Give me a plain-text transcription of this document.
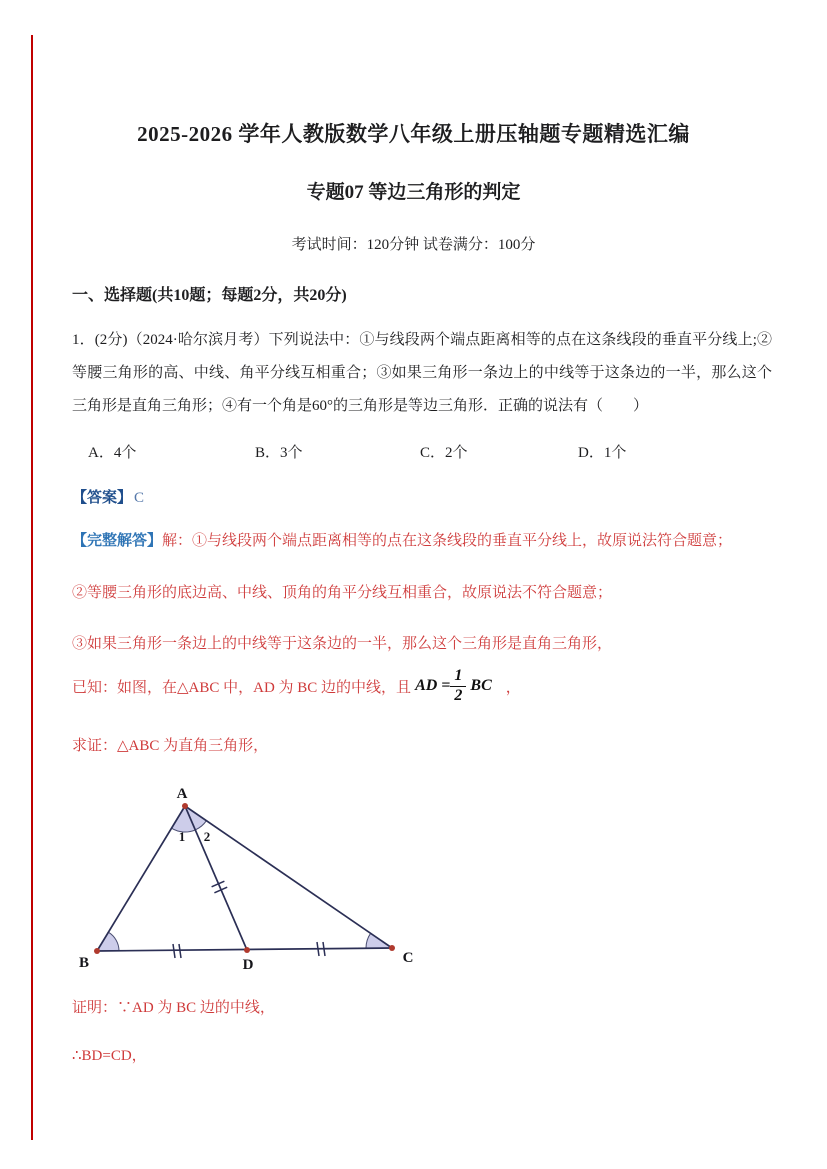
2025-2026 学年人教版数学八年级上册压轴题专题精选汇编
专题07 等边三角形的判定
考试时间：120分钟 试卷满分：100分
一、选择题(共10题；每题2分，共20分)
1．(2分)（2024·哈尔滨月考）下列说法中：①与线段两个端点距离相等的点在这条线段的垂直平分线上;②等腰三角形的高、中线、角平分线互相重合；③如果三角形一条边上的中线等于这条边的一半，那么这个三角形是直角三角形；④有一个角是60°的三角形是等边三角形．正确的说法有（　　）
A．4个	B．3个	C．2个	D．1个
【答案】 C
【完整解答】解：①与线段两个端点距离相等的点在这条线段的垂直平分线上，故原说法符合题意；
②等腰三角形的底边高、中线、顶角的角平分线互相重合，故原说法不符合题意；
③如果三角形一条边上的中线等于这条边的一半，那么这个三角形是直角三角形，
已知：如图，在△ABC 中，AD 为 BC 边的中线，且 AD = $\frac{1}{2}$ BC ，
求证：△ABC 为直角三角形，
A
B	C
D
1 2
证明：∵AD 为 BC 边的中线，
∴BD=CD，
